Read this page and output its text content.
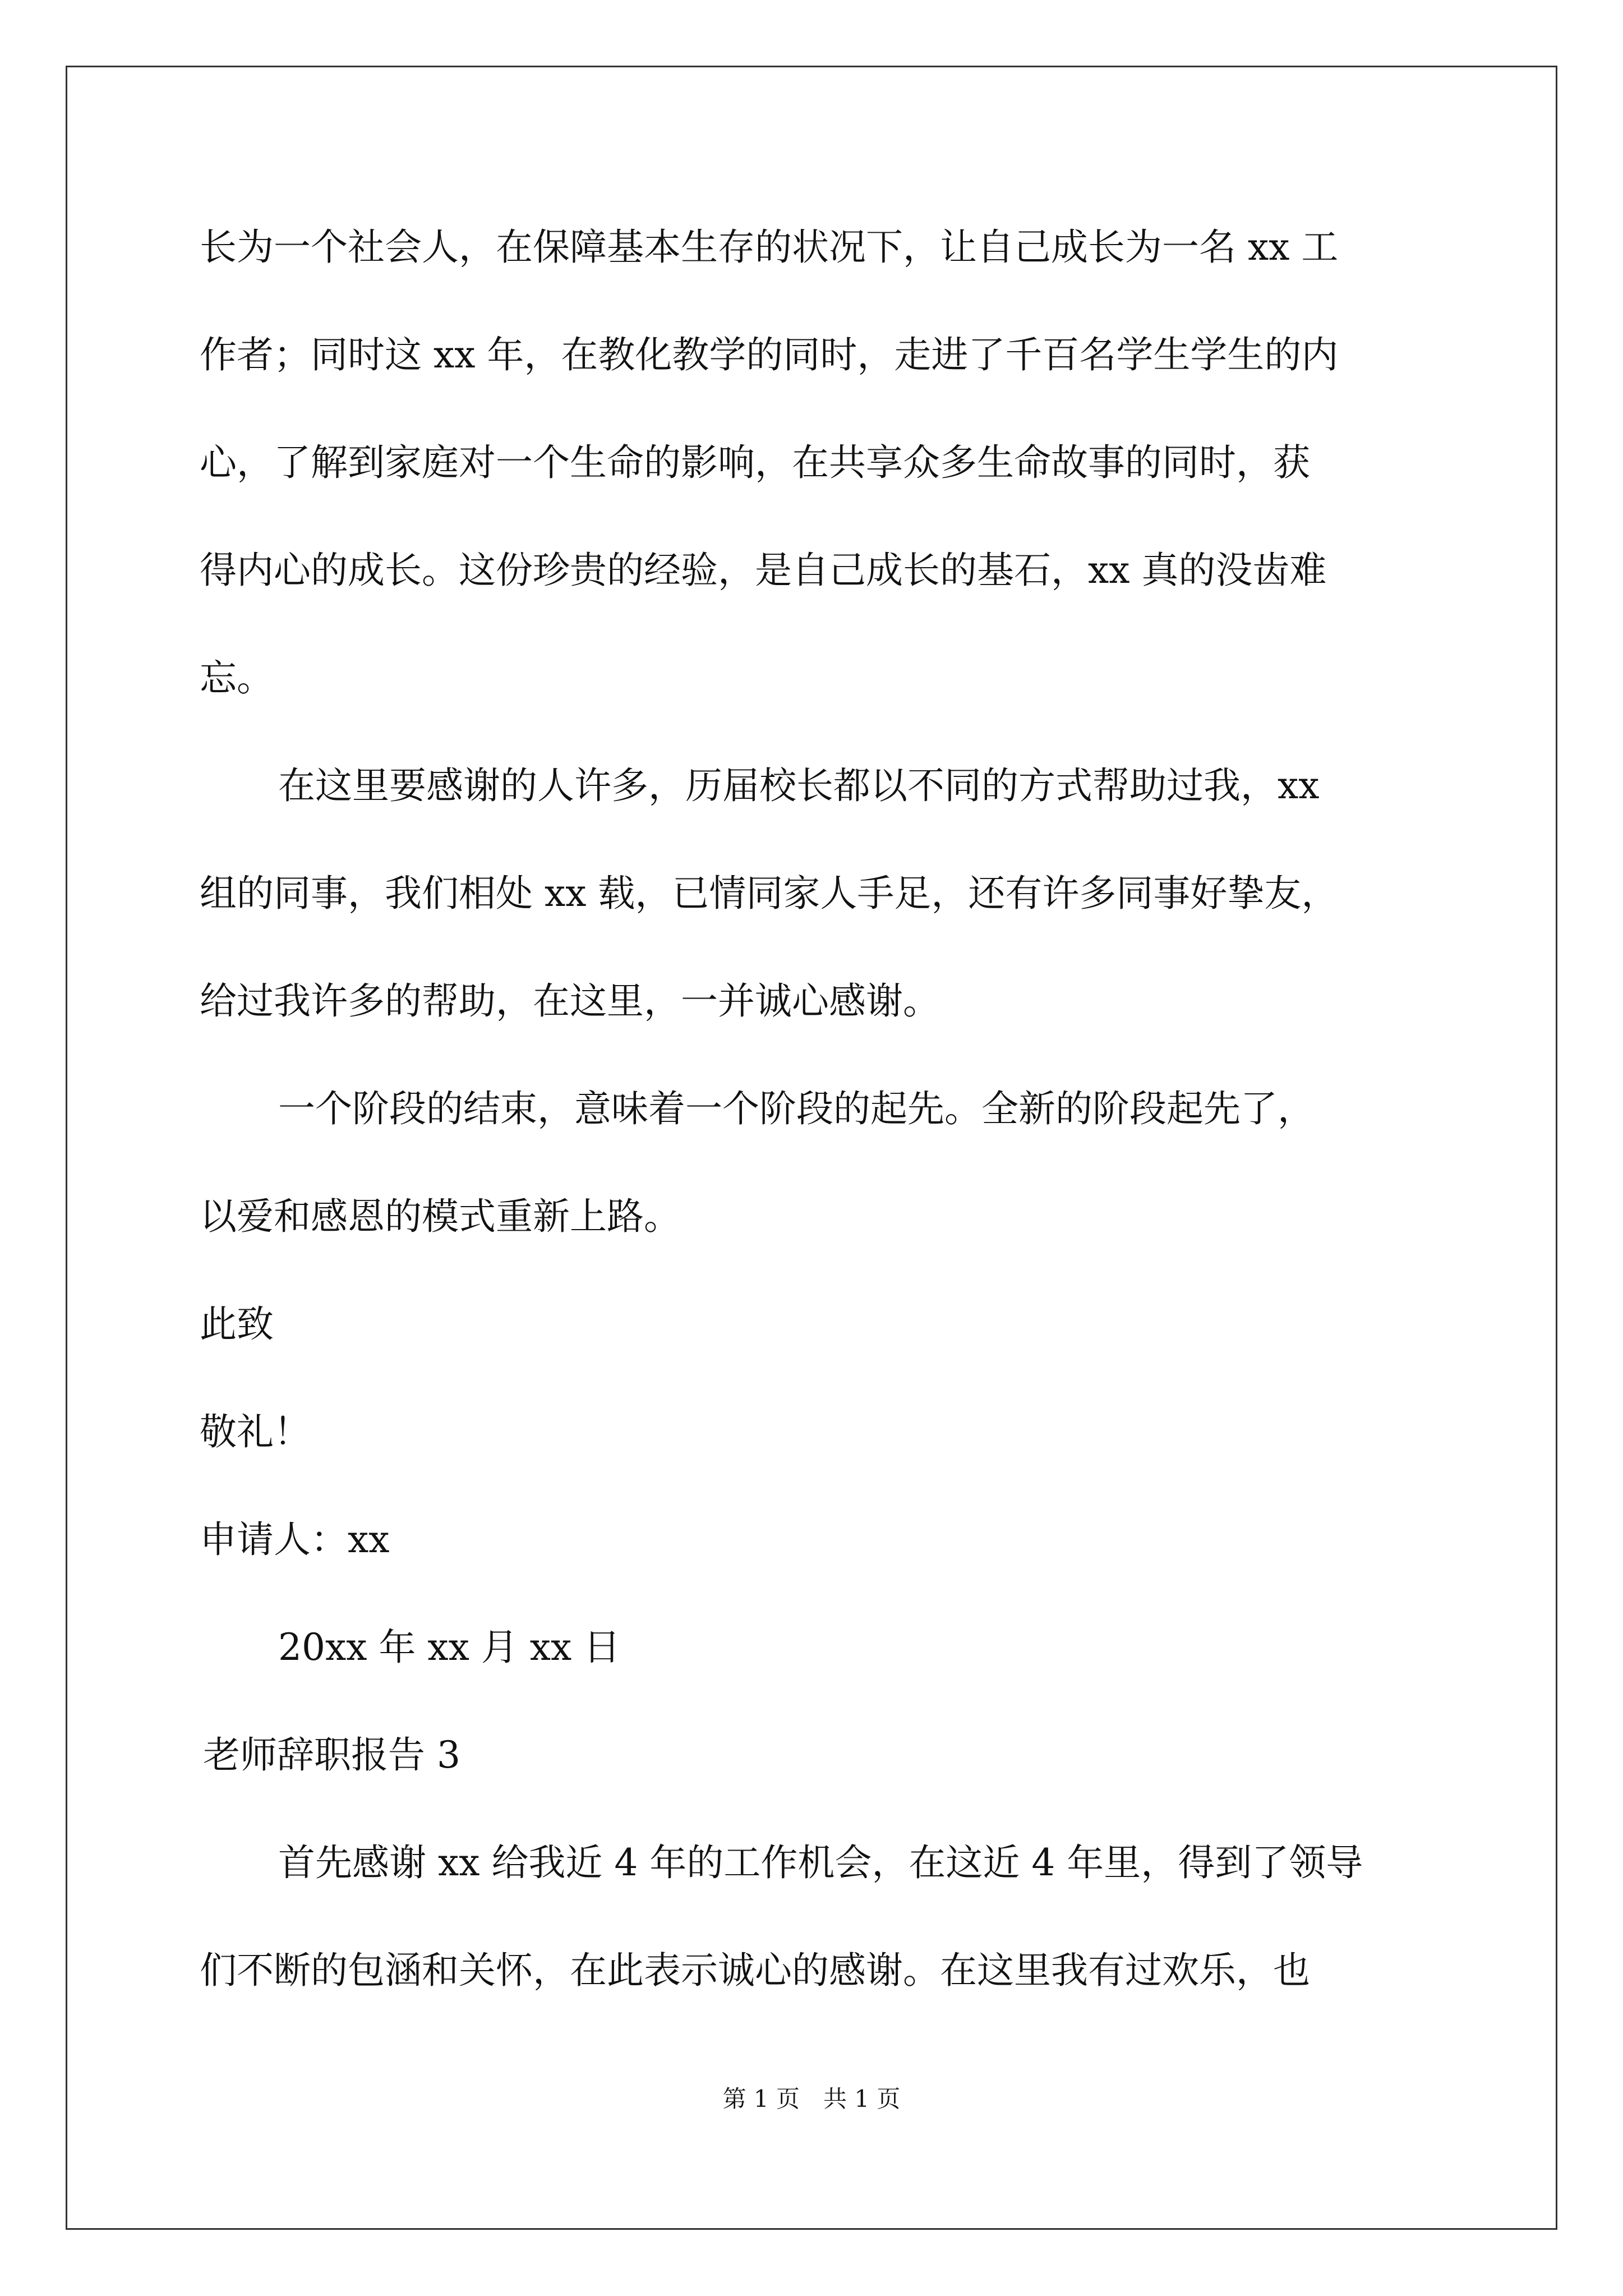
长为一个社会人，在保障基本生存的状况下，让自己成长为一名 xx 工
作者；同时这 xx 年，在教化教学的同时，走进了千百名学生学生的内
心，了解到家庭对一个生命的影响，在共享众多生命故事的同时，获
得内心的成长。这份珍贵的经验，是自己成长的基石，xx 真的没齿难
忘。
在这里要感谢的人许多，历届校长都以不同的方式帮助过我，xx
组的同事，我们相处 xx 载，已情同家人手足，还有许多同事好挚友，
给过我许多的帮助，在这里，一并诚心感谢。
一个阶段的结束，意味着一个阶段的起先。全新的阶段起先了，
以爱和感恩的模式重新上路。
此致
敬礼！
申请人：xx
20xx 年 xx 月 xx 日
老师辞职报告 3
首先感谢 xx 给我近 4 年的工作机会，在这近 4 年里，得到了领导
们不断的包涵和关怀，在此表示诚心的感谢。在这里我有过欢乐，也
第 1 页　共 1 页
